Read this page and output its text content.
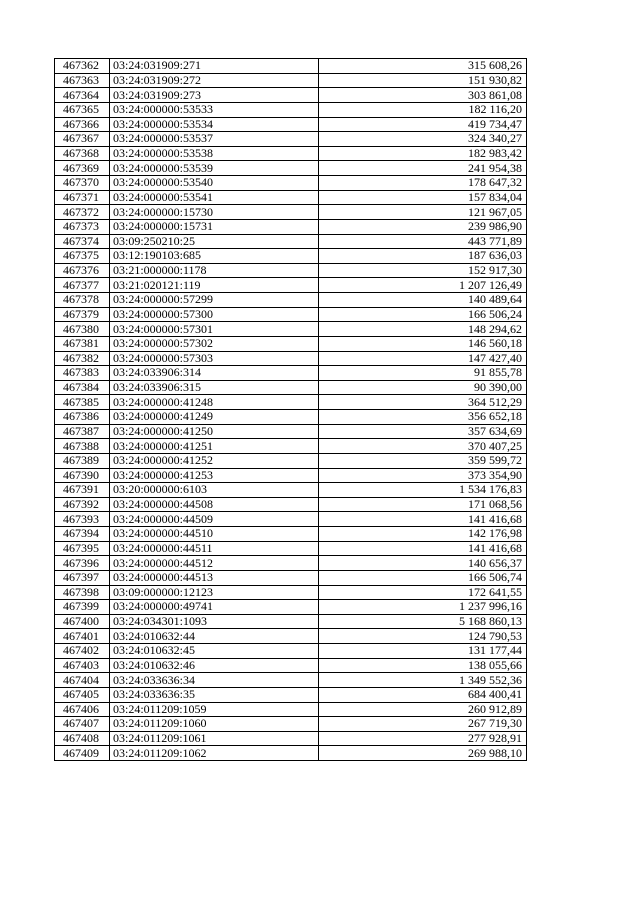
467362	03:24:031909:271	315 608,26
467363	03:24:031909:272	151 930,82
467364	03:24:031909:273	303 861,08
467365	03:24:000000:53533	182 116,20
467366	03:24:000000:53534	419 734,47
467367	03:24:000000:53537	324 340,27
467368	03:24:000000:53538	182 983,42
467369	03:24:000000:53539	241 954,38
467370	03:24:000000:53540	178 647,32
467371	03:24:000000:53541	157 834,04
467372	03:24:000000:15730	121 967,05
467373	03:24:000000:15731	239 986,90
467374	03:09:250210:25	443 771,89
467375	03:12:190103:685	187 636,03
467376	03:21:000000:1178	152 917,30
467377	03:21:020121:119	1 207 126,49
467378	03:24:000000:57299	140 489,64
467379	03:24:000000:57300	166 506,24
467380	03:24:000000:57301	148 294,62
467381	03:24:000000:57302	146 560,18
467382	03:24:000000:57303	147 427,40
467383	03:24:033906:314	91 855,78
467384	03:24:033906:315	90 390,00
467385	03:24:000000:41248	364 512,29
467386	03:24:000000:41249	356 652,18
467387	03:24:000000:41250	357 634,69
467388	03:24:000000:41251	370 407,25
467389	03:24:000000:41252	359 599,72
467390	03:24:000000:41253	373 354,90
467391	03:20:000000:6103	1 534 176,83
467392	03:24:000000:44508	171 068,56
467393	03:24:000000:44509	141 416,68
467394	03:24:000000:44510	142 176,98
467395	03:24:000000:44511	141 416,68
467396	03:24:000000:44512	140 656,37
467397	03:24:000000:44513	166 506,74
467398	03:09:000000:12123	172 641,55
467399	03:24:000000:49741	1 237 996,16
467400	03:24:034301:1093	5 168 860,13
467401	03:24:010632:44	124 790,53
467402	03:24:010632:45	131 177,44
467403	03:24:010632:46	138 055,66
467404	03:24:033636:34	1 349 552,36
467405	03:24:033636:35	684 400,41
467406	03:24:011209:1059	260 912,89
467407	03:24:011209:1060	267 719,30
467408	03:24:011209:1061	277 928,91
467409	03:24:011209:1062	269 988,10
